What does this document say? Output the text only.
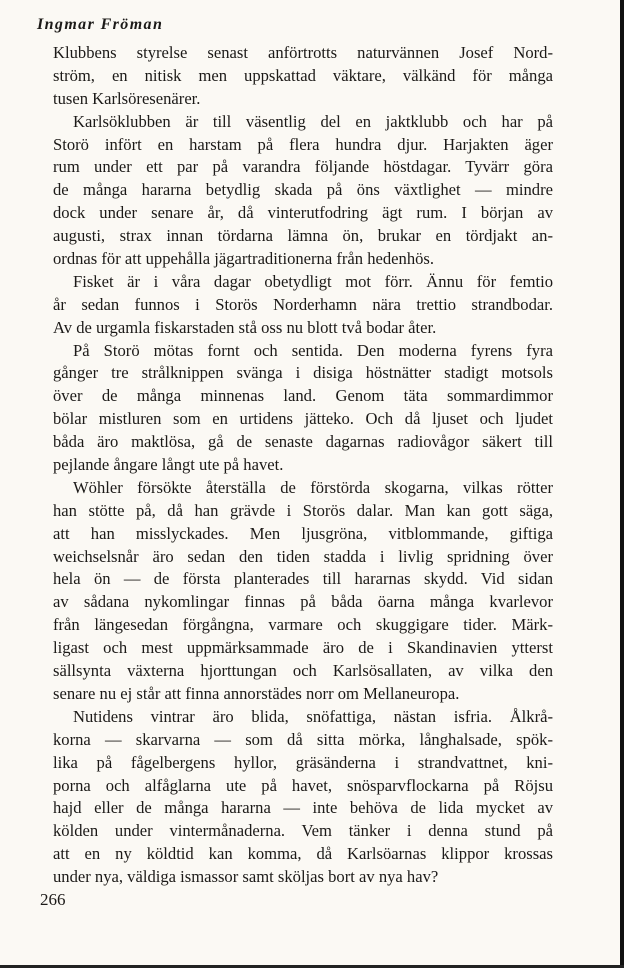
Ingmar Fröman
Klubbens styrelse senast anförtrotts naturvännen Josef Nord-
ström, en nitisk men uppskattad väktare, välkänd för många
tusen Karlsöresenärer.
Karlsöklubben är till väsentlig del en jaktklubb och har på
Storö infört en harstam på flera hundra djur. Harjakten äger
rum under ett par på varandra följande höstdagar. Tyvärr göra
de många hararna betydlig skada på öns växtlighet — mindre
dock under senare år, då vinterutfodring ägt rum. I början av
augusti, strax innan tördarna lämna ön, brukar en tördjakt an-
ordnas för att uppehålla jägartraditionerna från hedenhös.
Fisket är i våra dagar obetydligt mot förr. Ännu för femtio
år sedan funnos i Storös Norderhamn nära trettio strandbodar.
Av de urgamla fiskarstaden stå oss nu blott två bodar åter.
På Storö mötas fornt och sentida. Den moderna fyrens fyra
gånger tre strålknippen svänga i disiga höstnätter stadigt motsols
över de många minnenas land. Genom täta sommardimmor
bölar mistluren som en urtidens jätteko. Och då ljuset och ljudet
båda äro maktlösa, gå de senaste dagarnas radiovågor säkert till
pejlande ångare långt ute på havet.
Wöhler försökte återställa de förstörda skogarna, vilkas rötter
han stötte på, då han grävde i Storös dalar. Man kan gott säga,
att han misslyckades. Men ljusgröna, vitblommande, giftiga
weichselsnår äro sedan den tiden stadda i livlig spridning över
hela ön — de första planterades till hararnas skydd. Vid sidan
av sådana nykomlingar finnas på båda öarna många kvarlevor
från längesedan förgångna, varmare och skuggigare tider. Märk-
ligast och mest uppmärksammade äro de i Skandinavien ytterst
sällsynta växterna hjorttungan och Karlsösallaten, av vilka den
senare nu ej står att finna annorstädes norr om Mellaneuropa.
Nutidens vintrar äro blida, snöfattiga, nästan isfria. Ålkrå-
korna — skarvarna — som då sitta mörka, långhalsade, spök-
lika på fågelbergens hyllor, gräsänderna i strandvattnet, kni-
porna och alfåglarna ute på havet, snösparvflockarna på Röjsu
hajd eller de många hararna — inte behöva de lida mycket av
kölden under vintermånaderna. Vem tänker i denna stund på
att en ny köldtid kan komma, då Karlsöarnas klippor krossas
under nya, väldiga ismassor samt sköljas bort av nya hav?
266
